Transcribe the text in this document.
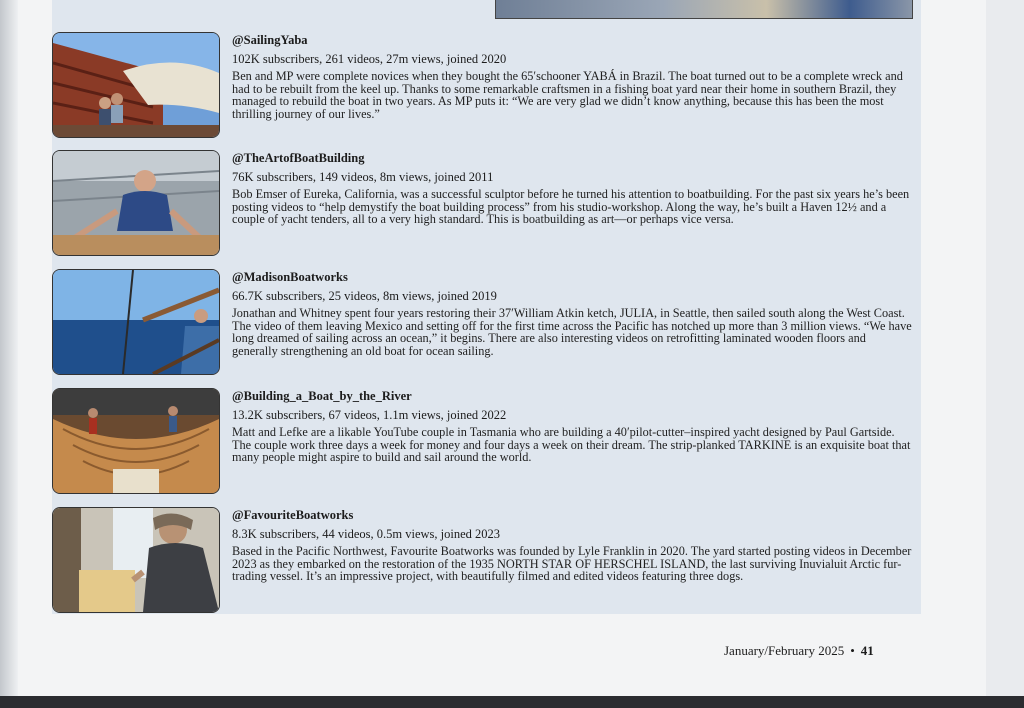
@SailingYaba

102K subscribers, 261 videos, 27m views, joined 2020

Ben and MP were complete novices when they bought the 65′schooner YABÁ in Brazil. The boat turned out to be a complete wreck and had to be rebuilt from the keel up. Thanks to some remarkable craftsmen in a fishing boat yard near their home in southern Brazil, they managed to rebuild the boat in two years. As MP puts it: “We are very glad we didn’t know anything, because this has been the most thrilling journey of our lives.”

@TheArtofBoatBuilding

76K subscribers, 149 videos, 8m views, joined 2011

Bob Emser of Eureka, California, was a successful sculptor before he turned his attention to boatbuilding. For the past six years he’s been posting videos to “help demystify the boat building process” from his studio-workshop. Along the way, he’s built a Haven 12½ and a couple of yacht tenders, all to a very high standard. This is boatbuilding as art—or perhaps vice versa.

@MadisonBoatworks

66.7K subscribers, 25 videos, 8m views, joined 2019

Jonathan and Whitney spent four years restoring their 37′William Atkin ketch, JULIA, in Seattle, then sailed south along the West Coast. The video of them leaving Mexico and setting off for the first time across the Pacific has notched up more than 3 million views. “We have long dreamed of sailing across an ocean,” it begins. There are also interesting videos on retrofitting laminated wooden floors and generally strengthening an old boat for ocean sailing.

@Building_a_Boat_by_the_River

13.2K subscribers, 67 videos, 1.1m views, joined 2022

Matt and Lefke are a likable YouTube couple in Tasmania who are building a 40′pilot-cutter–inspired yacht designed by Paul Gartside. The couple work three days a week for money and four days a week on their dream. The strip-planked TARKINE is an exquisite boat that many people might aspire to build and sail around the world.

@FavouriteBoatworks

8.3K subscribers, 44 videos, 0.5m views, joined 2023

Based in the Pacific Northwest, Favourite Boatworks was founded by Lyle Franklin in 2020. The yard started posting videos in December 2023 as they embarked on the restoration of the 1935 NORTH STAR OF HERSCHEL ISLAND, the last surviving Inuvialuit Arctic fur-trading vessel. It’s an impressive project, with beautifully filmed and edited videos featuring three dogs.

January/February 2025 • 41
